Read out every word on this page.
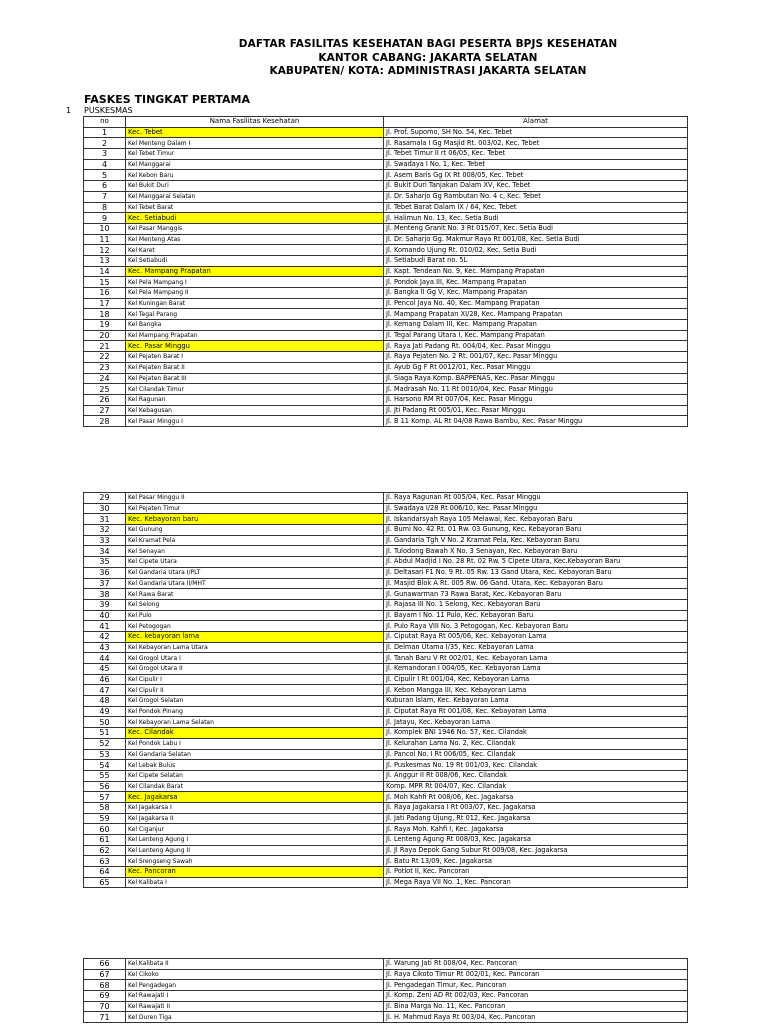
DAFTAR FASILITAS KESEHATAN BAGI PESERTA BPJS KESEHATAN
KANTOR CABANG: JAKARTA SELATAN
KABUPATEN/ KOTA: ADMINISTRASI JAKARTA SELATAN
FASKES TINGKAT PERTAMA
1 PUSKESMAS
no	Nama Fasilitas Kesehatan	Alamat
1	Kec. Tebet	Jl. Prof. Supomo, SH No. 54, Kec. Tebet
2	Kel Menteng Dalam I	Jl. Rasamala I Gg Masjid Rt. 003/02, Kec. Tebet
3	Kel Tebet Timur	Jl. Tebet Timur II rt 06/05, Kec. Tebet
4	Kel Manggarai	Jl. Swadaya I No. 1, Kec. Tebet
5	Kel Kebon Baru	Jl. Asem Baris Gg IX Rt 008/05, Kec. Tebet
6	Kel Bukit Duri	Jl. Bukit Duri Tanjakan Dalam XV, Kec. Tebet
7	Kel Manggarai Selatan	Jl. Dr. Saharjo Gg Rambutan No. 4 c, Kec. Tebet
8	Kel Tebet Barat	Jl. Tebet Barat Dalam IX / 64, Kec. Tebet
9	Kec. Setiabudi	Jl. Halimun No. 13, Kec. Setia Budi
10	Kel Pasar Manggis	Jl. Menteng Granit No. 3 Rt 015/07, Kec. Setia Budi
11	Kel Menteng Atas	Jl. Dr. Saharjo Gg. Makmur Raya Rt 001/08, Kec. Setia Budi
12	Kel Karet	Jl. Komando Ujung Rt. 010/02, Kec. Setia Budi
13	Kel Setiabudi	Jl. Setiabudi Barat no. 5L
14	Kec. Mampang Prapatan	Jl. Kapt. Tendean No. 9, Kec. Mampang Prapatan
15	Kel Pela Mampang I	Jl. Pondok Jaya III, Kec. Mampang Prapatan
16	Kel Pela Mampang II	Jl. Bangka II Gg V, Kec. Mampang Prapatan
17	Kel Kuningan Barat	Jl. Pencol Jaya No. 40, Kec. Mampang Prapatan
18	Kel Tegal Parang	Jl. Mampang Prapatan XI/28, Kec. Mampang Prapatan
19	Kel Bangka	Jl. Kemang Dalam III, Kec. Mampang Prapatan
20	Kel Mampang Prapatan	Jl. Tegal Parang Utara I, Kec. Mampang Prapatan
21	Kec. Pasar Minggu	Jl. Raya Jati Padang Rt. 004/04, Kec. Pasar Minggu
22	Kel Pejaten Barat I	Jl. Raya Pejaten No. 2 Rt. 001/07, Kec. Pasar Minggu
23	Kel Pejaten Barat II	Jl. Ayub Gg F Rt 0012/01, Kec. Pasar Minggu
24	Kel Pejaten Barat III	Jl. Siaga Raya Komp. BAPPENAS, Kec. Pasar Minggu
25	Kel Cilandak Timur	Jl. Madrasah No. 11 Rt 0010/04, Kec. Pasar Minggu
26	Kel Ragunan	Jl. Harsono RM Rt 007/04, Kec. Pasar Minggu
27	Kel Kebagusan	Jl. Jti Padang Rt 005/01, Kec. Pasar Minggu
28	Kel Pasar Minggu I	Jl. B 11 Komp. AL Rt 04/08 Rawa Bambu, Kec. Pasar Minggu
29	Kel Pasar Minggu II	Jl. Raya Ragunan Rt 005/04, Kec. Pasar Minggu
30	Kel Pejaten Timur	Jl. Swadaya I/28 Rt 006/10, Kec. Pasar Minggu
31	Kec. Kebayoran baru	Jl. Iskandarsyah Raya 105 Melawai, Kec. Kebayoran Baru
32	Kel Gunung	Jl. Bumi No. 42 Rt. 01 Rw. 03 Gunung, Kec. Kebayoran Baru
33	Kel Kramat Pela	Jl. Gandaria Tgh V No. 2 Kramat Pela, Kec. Kebayoran Baru
34	Kel Senayan	Jl. Tulodong Bawah X No. 3 Senayan, Kec. Kebayoran Baru
35	Kel Cipete Utara	Jl. Abdul Madjid I No. 28 Rt. 02 Rw. 5 Cipete Utara, Kec.Kebayoran Baru
36	Kel Gandaria Utara I/PLT	Jl. Deltasari F1 No. 9 Rt. 05 Rw. 13 Gand Utara, Kec. Kebayoran Baru
37	Kel Gandaria Utara II/MHT	Jl. Masjid Blok A Rt. 005 Rw. 06 Gand. Utara, Kec. Kebayoran Baru
38	Kel Rawa Barat	Jl. Gunawarman 73 Rawa Barat, Kec. Kebayoran Baru
39	Kel Selong	Jl. Rajasa III No. 1 Selong, Kec. Kebayoran Baru
40	Kel Pulo	Jl. Bayam I No. 11 Pulo, Kec. Kebayoran Baru
41	Kel Petogogan	Jl. Pulo Raya VIII No. 3 Petogogan, Kec. Kebayoran Baru
42	Kec. kebayoran lama	Jl. Ciputat Raya Rt 005/06, Kec. Kebayoran Lama
43	Kel Kebayoran Lama Utara	Jl. Delman Utama I/35, Kec. Kebayoran Lama
44	Kel Grogol Utara I	Jl. Tanah Baru V Rt 002/01, Kec. Kebayoran Lama
45	Kel Grogol Utara II	Jl. Kemandoran I 004/05, Kec. Kebayoran Lama
46	Kel Cipulir I	Jl. Cipulir I Rt 001/04, Kec. Kebayoran Lama
47	Kel Cipulir II	Jl. Kebon Mangga III, Kec. Kebayoran Lama
48	Kel Grogol Selatan	Kuburan Islam, Kec. Kebayoran Lama
49	Kel Pondok Pinang	Jl. Ciputat Raya Rt 001/08, Kec. Kebayoran Lama
50	Kel Kebayoran Lama Selatan	Jl. Jatayu, Kec. Kebayoran Lama
51	Kec. Cilandak	Jl. Komplek BNI 1946 No. 57, Kec. Cilandak
52	Kel Pondok Labu I	Jl. Kelurahan Lama No. 2, Kec. Cilandak
53	Kel Gandaria Selatan	Jl. Pancol No. I Rt 006/05, Kec. Cilandak
54	Kel Lebak Bulus	Jl. Puskesmas No. 19 Rt 001/03, Kec. Cilandak
55	Kel Cipete Selatan	Jl. Anggur II Rt 008/06, Kec. Cilandak
56	Kel Cilandak Barat	Komp. MPR Rt 004/07, Kec. Cilandak
57	Kec. Jagakarsa	Jl. Moh Kahfi Rt 008/06, Kec. Jagakarsa
58	Kel Jagakarsa I	Jl. Raya Jagakarsa I Rt 003/07, Kec. Jagakarsa
59	Kel Jagakarsa II	Jl. Jati Padang Ujung, Rt 012, Kec. Jagakarsa
60	Kel Ciganjur	Jl. Raya Moh. Kahfi I, Kec. Jagakarsa
61	Kel Lenteng Agung I	Jl. Lenteng Agung Rt 008/03, Kec. Jagakarsa
62	Kel Lenteng Agung II	Jl. Jl Raya Depok Gang Subur Rt 009/08, Kec. Jagakarsa
63	Kel Srengseng Sawah	Jl. Batu Rt 13/09, Kec. Jagakarsa
64	Kec. Pancoran	Jl. Potlot II, Kec. Pancoran
65	Kel Kalibata I	Jl. Mega Raya VII No. 1, Kec. Pancoran
66	Kel Kalibata II	Jl. Warung Jati Rt 008/04, Kec. Pancoran
67	Kel Cikoko	Jl. Raya Cikoto Timur Rt 002/01, Kec. Pancoran
68	Kel Pengadegan	Jl. Pengadegan Timur, Kec. Pancoran
69	Kel Rawajati I	Jl. Komp. Zeni AD Rt 002/03, Kec. Pancoran
70	Kel Rawajati II	Jl. Bina Marga No. 11, Kec. Pancoran
71	Kel Duren Tiga	Jl. H. Mahmud Raya Rt 003/04, Kec. Pancoran
